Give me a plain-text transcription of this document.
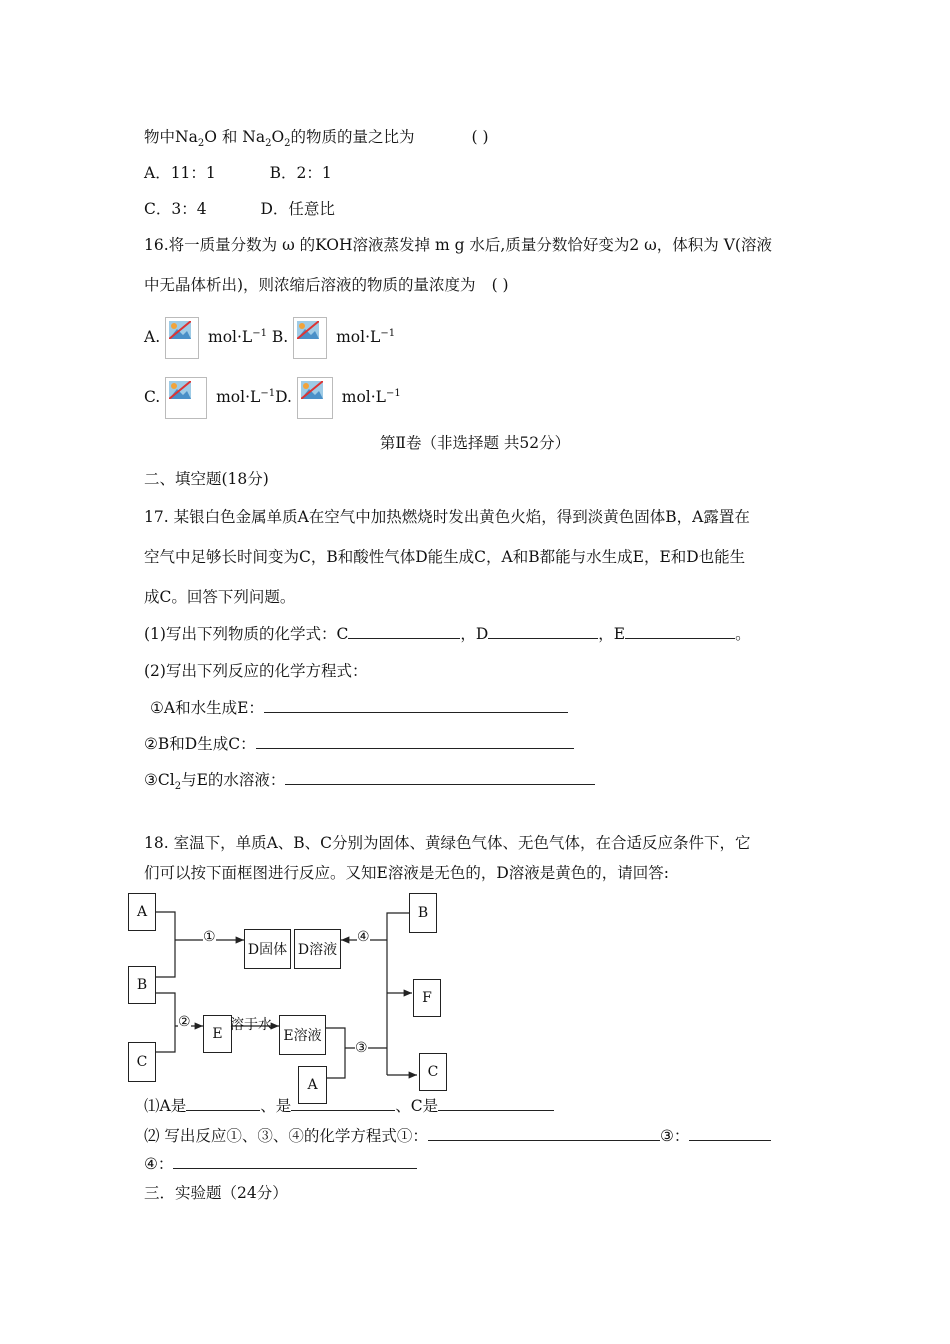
物中$Na_2O$ 和 $Na_2O_2$的物质的量之比为	( )
A．11：1	B．2：1
C．3：4	D．任意比
16.将一质量分数为 ω 的KOH溶液蒸发掉 m g 水后,质量分数恰好变为2 ω，体积为 V(溶液
中无晶体析出)，则浓缩后溶液的物质的量浓度为 ( )
A.	$mol\cdot L^{-1}$ B.	$mol\cdot L^{-1}$
C.	$mol\cdot L^{-1}D$.	$mol\cdot L^{-1}$
第Ⅱ卷（非选择题 共52分）
二、填空题(18分)
17. 某银白色金属单质A在空气中加热燃烧时发出黄色火焰，得到淡黄色固体B，A露置在
空气中足够长时间变为C，B和酸性气体D能生成C，A和B都能与水生成E，E和D也能生
成C。回答下列问题。
(1)写出下列物质的化学式：C	，D	，E	。
(2)写出下列反应的化学方程式：
①A和水生成E：
②B和D生成C：
$③Cl_2$与E的水溶液：
18. 室温下，单质A、B、C分别为固体、黄绿色气体、无色气体，在合适反应条件下，它
们可以按下面框图进行反应。又知E溶液是无色的，D溶液是黄色的，请回答:
A
B
C
D固体 D溶液
B
F
E	E溶液
A
C
①
②
③
④
溶于水
⑴A是	、是	、C是
⑵ 写出反应①、③、④的化学方程式①：	③：
④：
三．实验题（24分）
